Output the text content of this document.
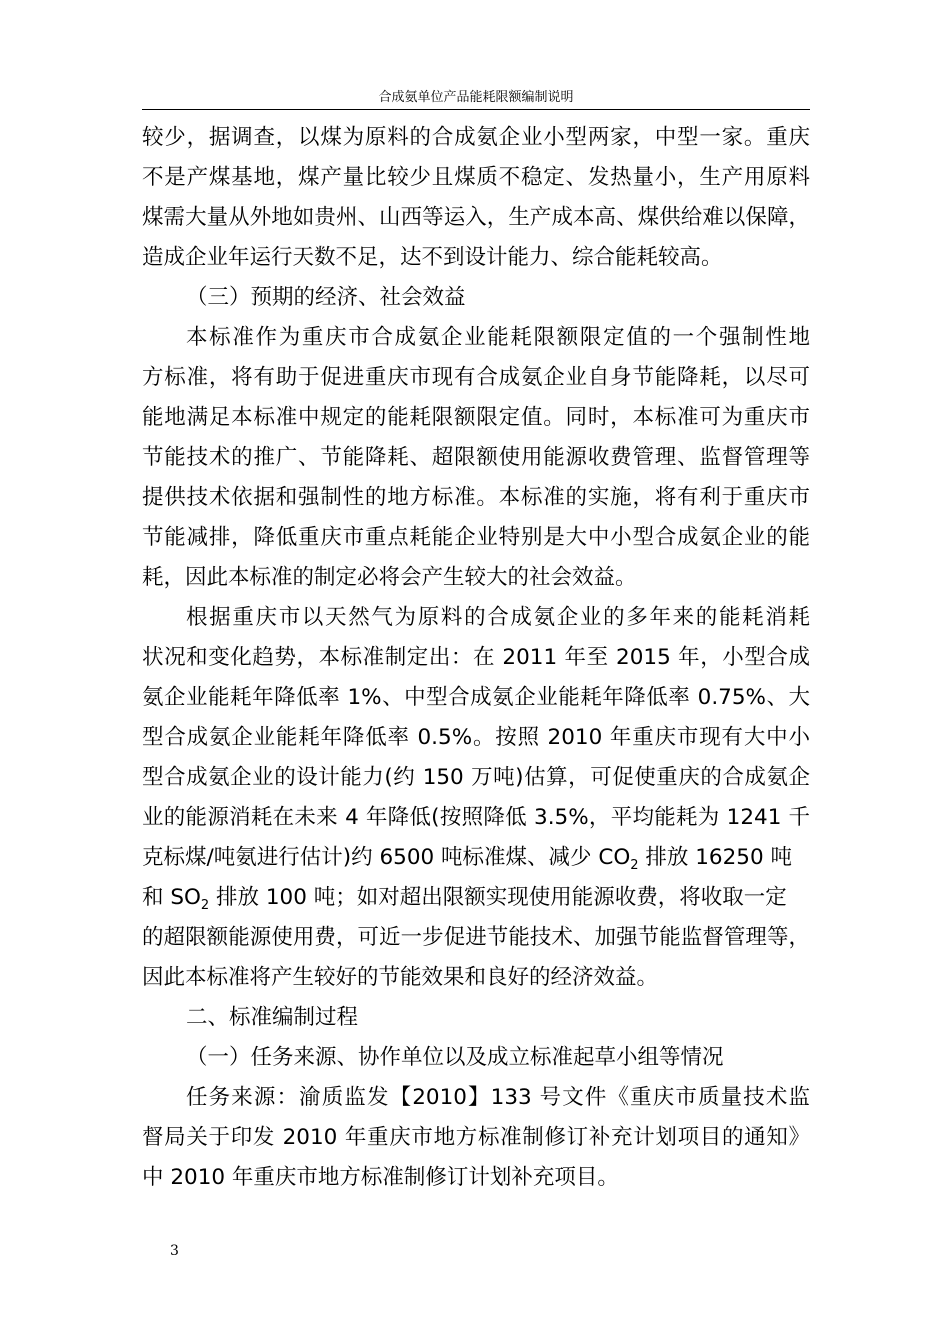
合成氨单位产品能耗限额编制说明
较少，据调查，以煤为原料的合成氨企业小型两家，中型一家。重庆
不是产煤基地，煤产量比较少且煤质不稳定、发热量小，生产用原料
煤需大量从外地如贵州、山西等运入，生产成本高、煤供给难以保障，
造成企业年运行天数不足，达不到设计能力、综合能耗较高。
（三）预期的经济、社会效益
本标准作为重庆市合成氨企业能耗限额限定值的一个强制性地
方标准，将有助于促进重庆市现有合成氨企业自身节能降耗，以尽可
能地满足本标准中规定的能耗限额限定值。同时，本标准可为重庆市
节能技术的推广、节能降耗、超限额使用能源收费管理、监督管理等
提供技术依据和强制性的地方标准。本标准的实施，将有利于重庆市
节能减排，降低重庆市重点耗能企业特别是大中小型合成氨企业的能
耗，因此本标准的制定必将会产生较大的社会效益。
根据重庆市以天然气为原料的合成氨企业的多年来的能耗消耗
状况和变化趋势，本标准制定出：在 2011 年至 2015 年，小型合成
氨企业能耗年降低率 1%、中型合成氨企业能耗年降低率 0.75%、大
型合成氨企业能耗年降低率 0.5%。按照 2010 年重庆市现有大中小
型合成氨企业的设计能力(约 150 万吨)估算，可促使重庆的合成氨企
业的能源消耗在未来 4 年降低(按照降低 3.5%，平均能耗为 1241 千
克标煤/吨氨进行估计)约 6500 吨标准煤、减少 $CO_2$ 排放 16250 吨
和 $SO_2$ 排放 100 吨；如对超出限额实现使用能源收费，将收取一定
的超限额能源使用费，可近一步促进节能技术、加强节能监督管理等，
因此本标准将产生较好的节能效果和良好的经济效益。
二、标准编制过程
（一）任务来源、协作单位以及成立标准起草小组等情况
任务来源：渝质监发【2010】133 号文件《重庆市质量技术监
督局关于印发 2010 年重庆市地方标准制修订补充计划项目的通知》
中 2010 年重庆市地方标准制修订计划补充项目。
3
